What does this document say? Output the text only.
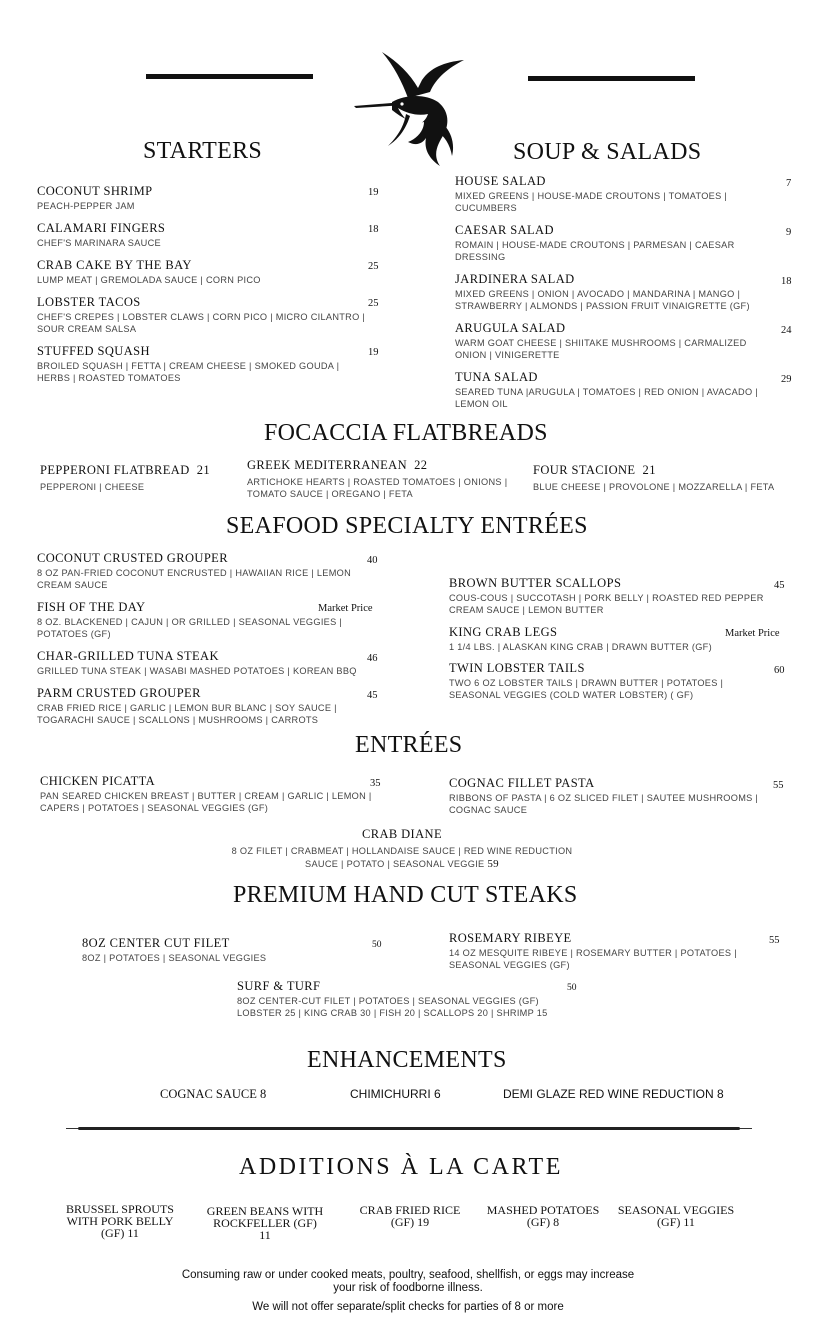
STARTERS
COCONUT SHRIMP
PEACH-PEPPER JAM
19
CALAMARI FINGERS
CHEF'S MARINARA SAUCE
18
CRAB CAKE BY THE BAY
LUMP MEAT | GREMOLADA SAUCE | CORN PICO
25
LOBSTER TACOS
CHEF'S CREPES | LOBSTER CLAWS | CORN PICO | MICRO CILANTRO | SOUR CREAM SALSA
25
STUFFED SQUASH
BROILED SQUASH | FETTA | CREAM CHEESE | SMOKED GOUDA | HERBS | ROASTED TOMATOES
19
SOUP & SALADS
HOUSE SALAD
MIXED GREENS | HOUSE-MADE CROUTONS | TOMATOES | CUCUMBERS
7
CAESAR SALAD
ROMAIN | HOUSE-MADE CROUTONS | PARMESAN | CAESAR DRESSING
9
JARDINERA SALAD
MIXED GREENS | ONION | AVOCADO | MANDARINA | MANGO | STRAWBERRY | ALMONDS | PASSION FRUIT VINAIGRETTE (GF)
18
ARUGULA SALAD
WARM GOAT CHEESE | SHIITAKE MUSHROOMS | CARMALIZED ONION | VINIGERETTE
24
TUNA SALAD
SEARED TUNA |ARUGULA | TOMATOES | RED ONION | AVACADO | LEMON OIL
29
FOCACCIA FLATBREADS
PEPPERONI FLATBREAD 21
PEPPERONI | CHEESE
GREEK MEDITERRANEAN 22
ARTICHOKE HEARTS | ROASTED TOMATOES | ONIONS | TOMATO SAUCE | OREGANO | FETA
FOUR STACIONE 21
BLUE CHEESE | PROVOLONE | MOZZARELLA | FETA
SEAFOOD SPECIALTY ENTRÉES
COCONUT CRUSTED GROUPER
8 OZ PAN-FRIED COCONUT ENCRUSTED | HAWAIIAN RICE | LEMON CREAM SAUCE
40
FISH OF THE DAY
8 OZ. BLACKENED | CAJUN | OR GRILLED | SEASONAL VEGGIES | POTATOES (GF)
Market Price
CHAR-GRILLED TUNA STEAK
GRILLED TUNA STEAK | WASABI MASHED POTATOES | KOREAN BBQ
46
PARM CRUSTED GROUPER
CRAB FRIED RICE | GARLIC | LEMON BUR BLANC | SOY SAUCE | TOGARACHI SAUCE | SCALLONS | MUSHROOMS | CARROTS
45
BROWN BUTTER SCALLOPS
COUS-COUS | SUCCOTASH | PORK BELLY | ROASTED RED PEPPER CREAM SAUCE | LEMON BUTTER
45
KING CRAB LEGS
1 1/4 LBS. | ALASKAN KING CRAB | DRAWN BUTTER (GF)
Market Price
TWIN LOBSTER TAILS
TWO 6 OZ LOBSTER TAILS | DRAWN BUTTER | POTATOES | SEASONAL VEGGIES (COLD WATER LOBSTER) ( GF)
60
ENTRÉES
CHICKEN PICATTA
PAN SEARED CHICKEN BREAST | BUTTER | CREAM | GARLIC | LEMON | CAPERS | POTATOES | SEASONAL VEGGIES (GF)
35	COGNAC FILLET PASTA
RIBBONS OF PASTA | 6 OZ SLICED FILET | SAUTEE MUSHROOMS | COGNAC SAUCE
55
CRAB DIANE
8 OZ FILET | CRABMEAT | HOLLANDAISE SAUCE | RED WINE REDUCTION
SAUCE | POTATO | SEASONAL VEGGIE 59
PREMIUM HAND CUT STEAKS
8OZ CENTER CUT FILET
8OZ | POTATOES | SEASONAL VEGGIES
50	ROSEMARY RIBEYE
14 OZ MESQUITE RIBEYE | ROSEMARY BUTTER | POTATOES | SEASONAL VEGGIES (GF)
55
SURF & TURF
8OZ CENTER-CUT FILET | POTATOES | SEASONAL VEGGIES (GF)
LOBSTER 25 | KING CRAB 30 | FISH 20 | SCALLOPS 20 | SHRIMP 15
50
ENHANCEMENTS
COGNAC SAUCE 8	CHIMICHURRI 6	DEMI GLAZE RED WINE REDUCTION 8
ADDITIONS À LA CARTE
BRUSSEL SPROUTS
WITH PORK BELLY
(GF) 11
GREEN BEANS WITH
ROCKFELLER (GF)
11
CRAB FRIED RICE
(GF) 19
MASHED POTATOES
(GF) 8
SEASONAL VEGGIES
(GF) 11
Consuming raw or under cooked meats, poultry, seafood, shellfish, or eggs may increase
your risk of foodborne illness.
We will not offer separate/split checks for parties of 8 or more
